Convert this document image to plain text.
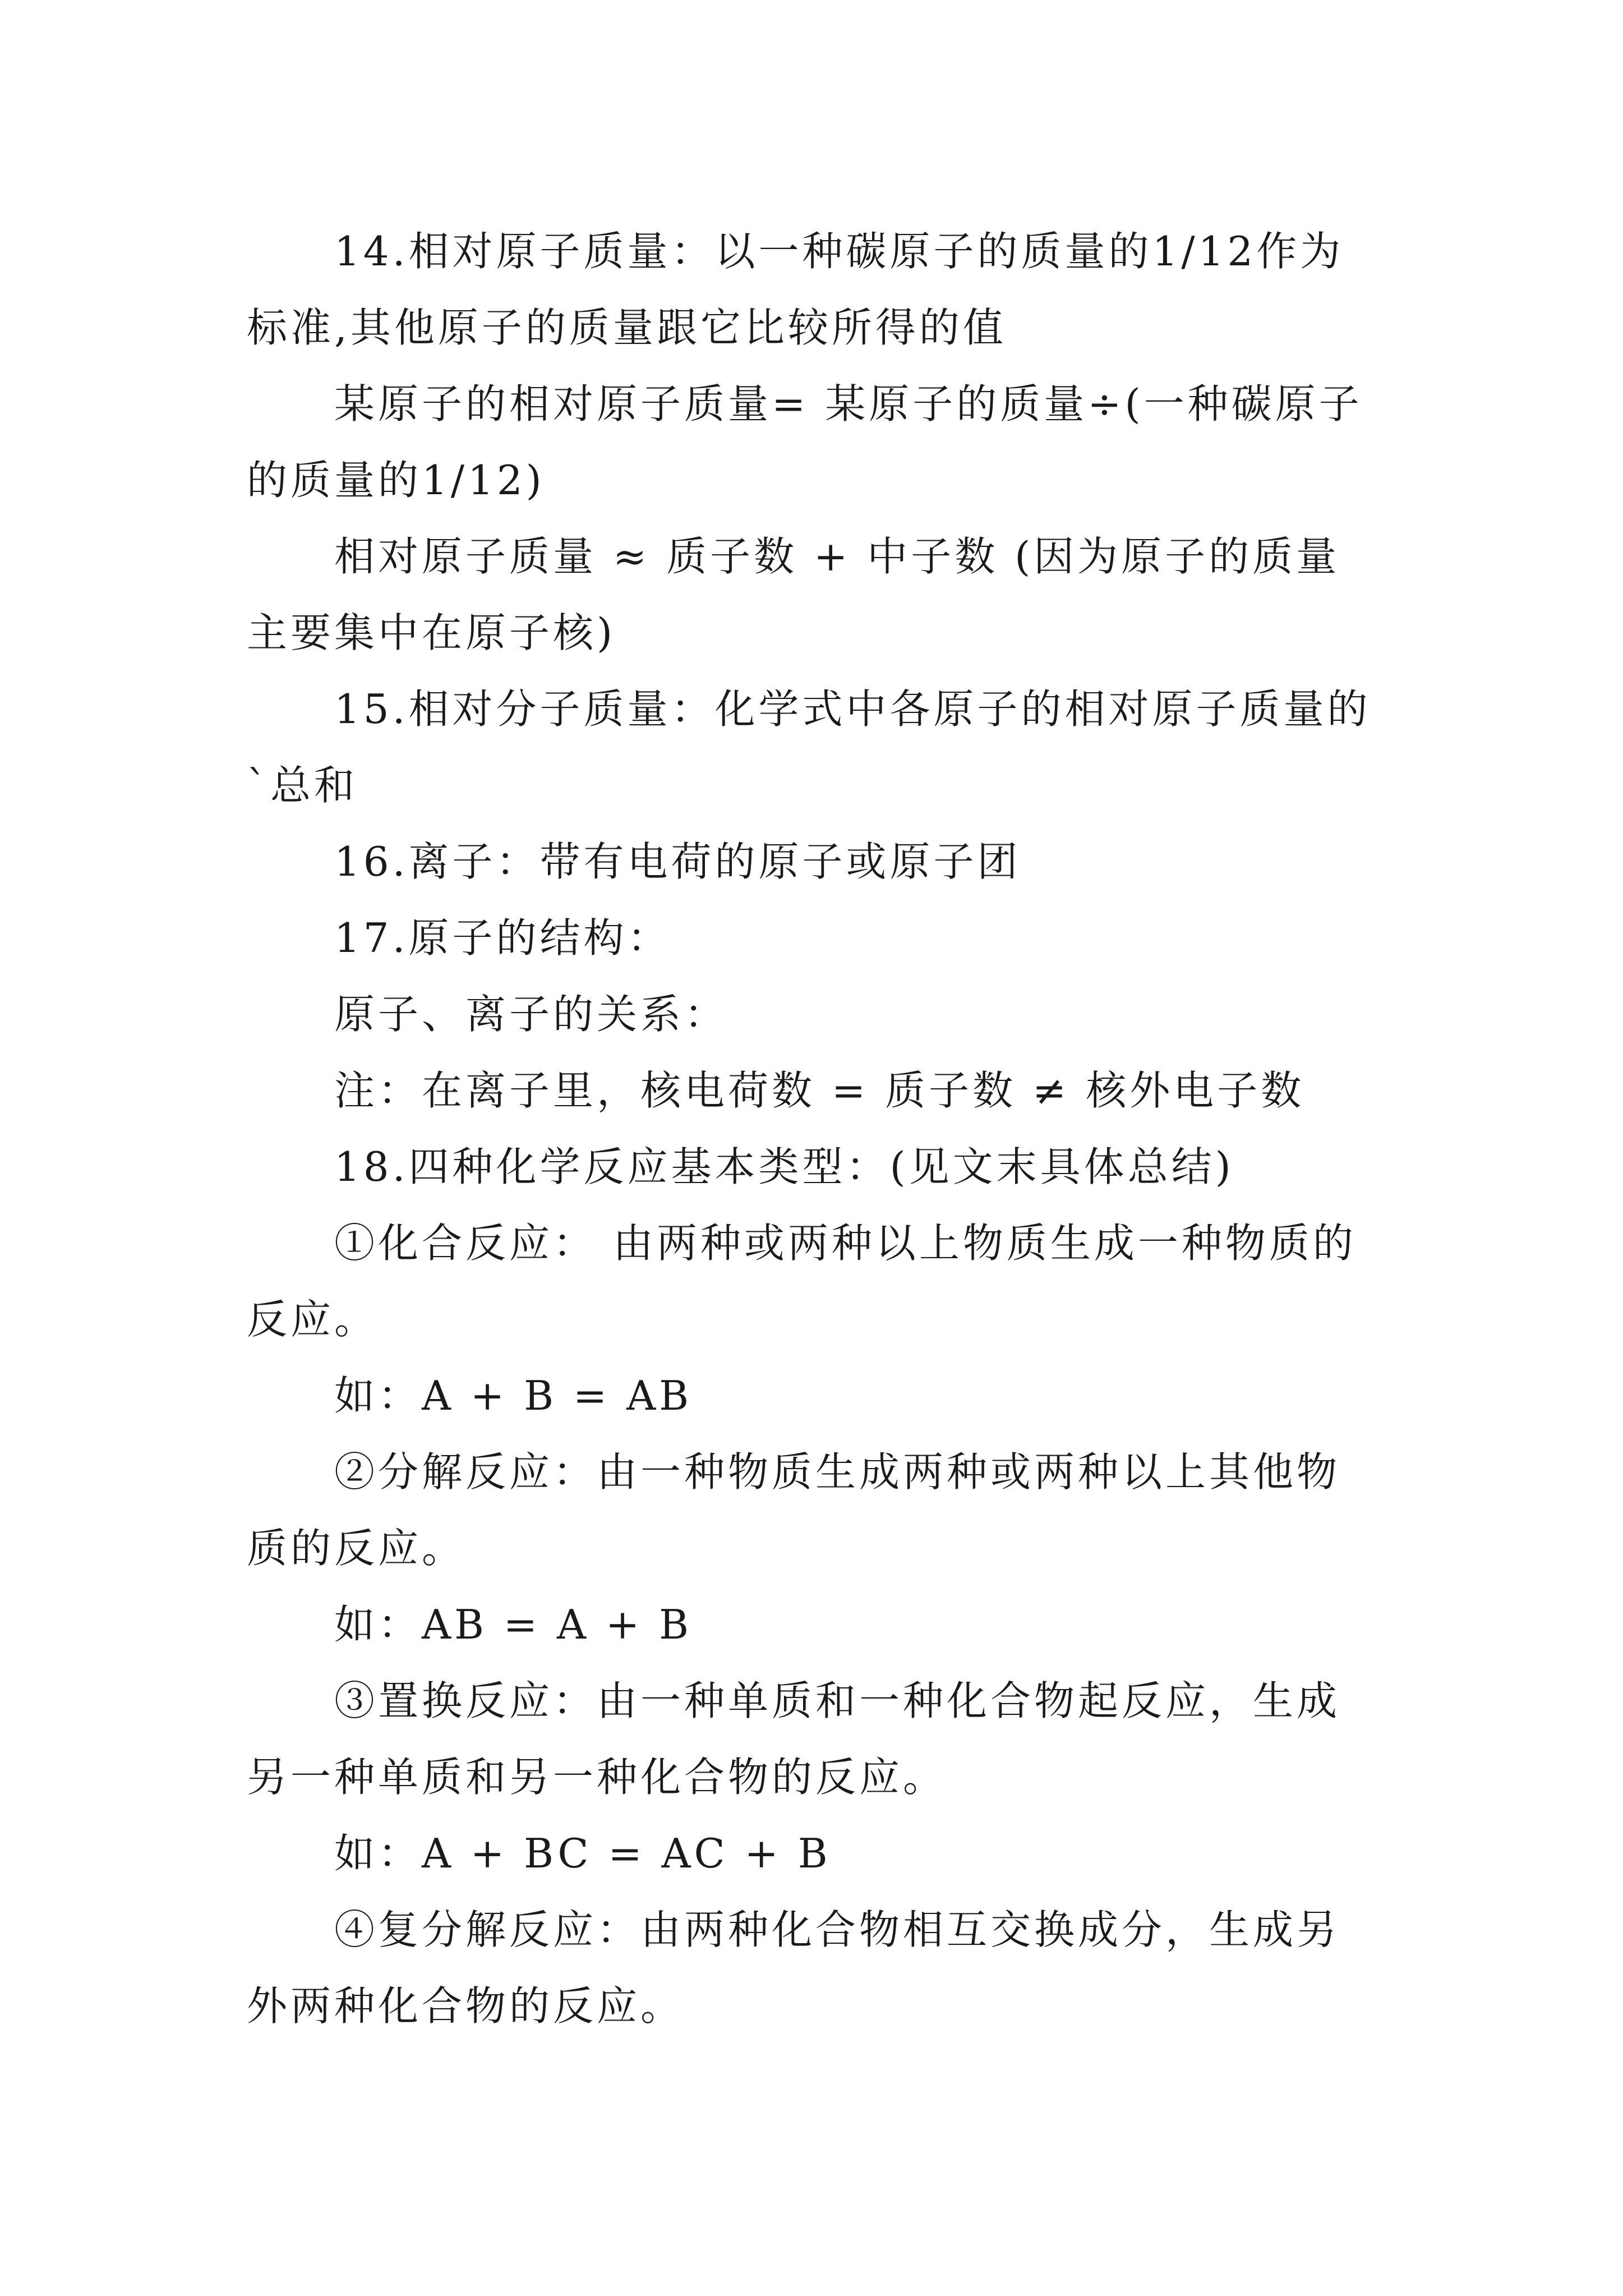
14.相对原子质量：以一种碳原子的质量的1/12作为标准,其他原子的质量跟它比较所得的值

某原子的相对原子质量= 某原子的质量÷(一种碳原子的质量的1/12)

相对原子质量 ≈ 质子数 + 中子数 (因为原子的质量主要集中在原子核)

15.相对分子质量：化学式中各原子的相对原子质量的`总和

16.离子：带有电荷的原子或原子团

17.原子的结构：

原子、离子的关系：

注：在离子里，核电荷数 = 质子数 ≠ 核外电子数

18.四种化学反应基本类型：(见文末具体总结)

①化合反应： 由两种或两种以上物质生成一种物质的反应。

如：A + B = AB

②分解反应：由一种物质生成两种或两种以上其他物质的反应。

如：AB = A + B

③置换反应：由一种单质和一种化合物起反应，生成另一种单质和另一种化合物的反应。

如：A + BC = AC + B

④复分解反应：由两种化合物相互交换成分，生成另外两种化合物的反应。
